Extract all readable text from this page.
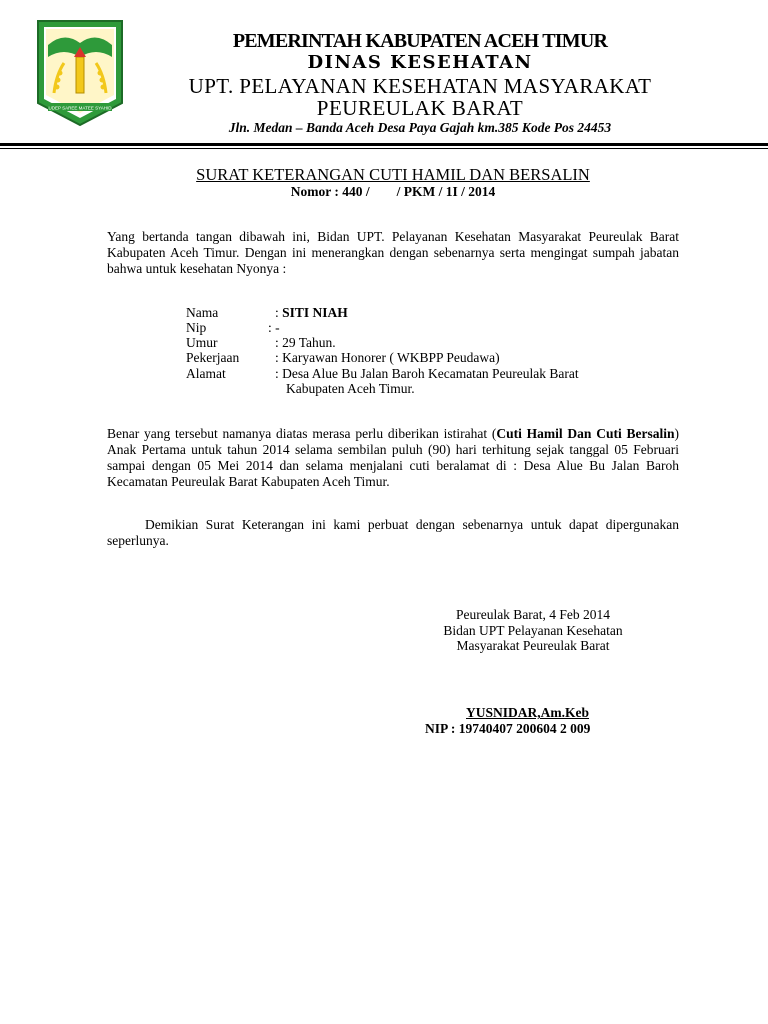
UDEP SAREE MATEE SYAHID
PEMERINTAH KABUPATEN ACEH TIMUR
DINAS KESEHATAN
UPT. PELAYANAN KESEHATAN MASYARAKAT
PEUREULAK BARAT
Jln. Medan – Banda Aceh Desa Paya Gajah km.385 Kode Pos 24453
SURAT KETERANGAN CUTI HAMIL DAN BERSALIN
Nomor : 440 /        / PKM / 1I / 2014
Yang bertanda tangan dibawah ini, Bidan UPT. Pelayanan Kesehatan Masyarakat Peureulak Barat Kabupaten Aceh Timur. Dengan ini menerangkan dengan sebenarnya serta mengingat sumpah jabatan bahwa untuk kesehatan Nyonya :
Nama	: SITI NIAH
Nip	: -
Umur	: 29 Tahun.
Pekerjaan	: Karyawan Honorer ( WKBPP Peudawa)
Alamat	: Desa Alue Bu Jalan Baroh Kecamatan Peureulak Barat
Kabupaten Aceh Timur.
Benar yang tersebut namanya diatas merasa perlu diberikan istirahat (Cuti Hamil Dan Cuti Bersalin) Anak Pertama untuk tahun 2014 selama sembilan puluh (90) hari terhitung sejak tanggal 05 Februari sampai dengan 05 Mei 2014 dan selama menjalani cuti beralamat di : Desa Alue Bu Jalan Baroh Kecamatan Peureulak Barat Kabupaten Aceh Timur.
Demikian Surat Keterangan ini kami perbuat dengan sebenarnya untuk dapat dipergunakan seperlunya.
Peureulak Barat, 4 Feb 2014
Bidan UPT Pelayanan Kesehatan
Masyarakat Peureulak Barat
YUSNIDAR,Am.Keb
NIP : 19740407 200604 2 009
